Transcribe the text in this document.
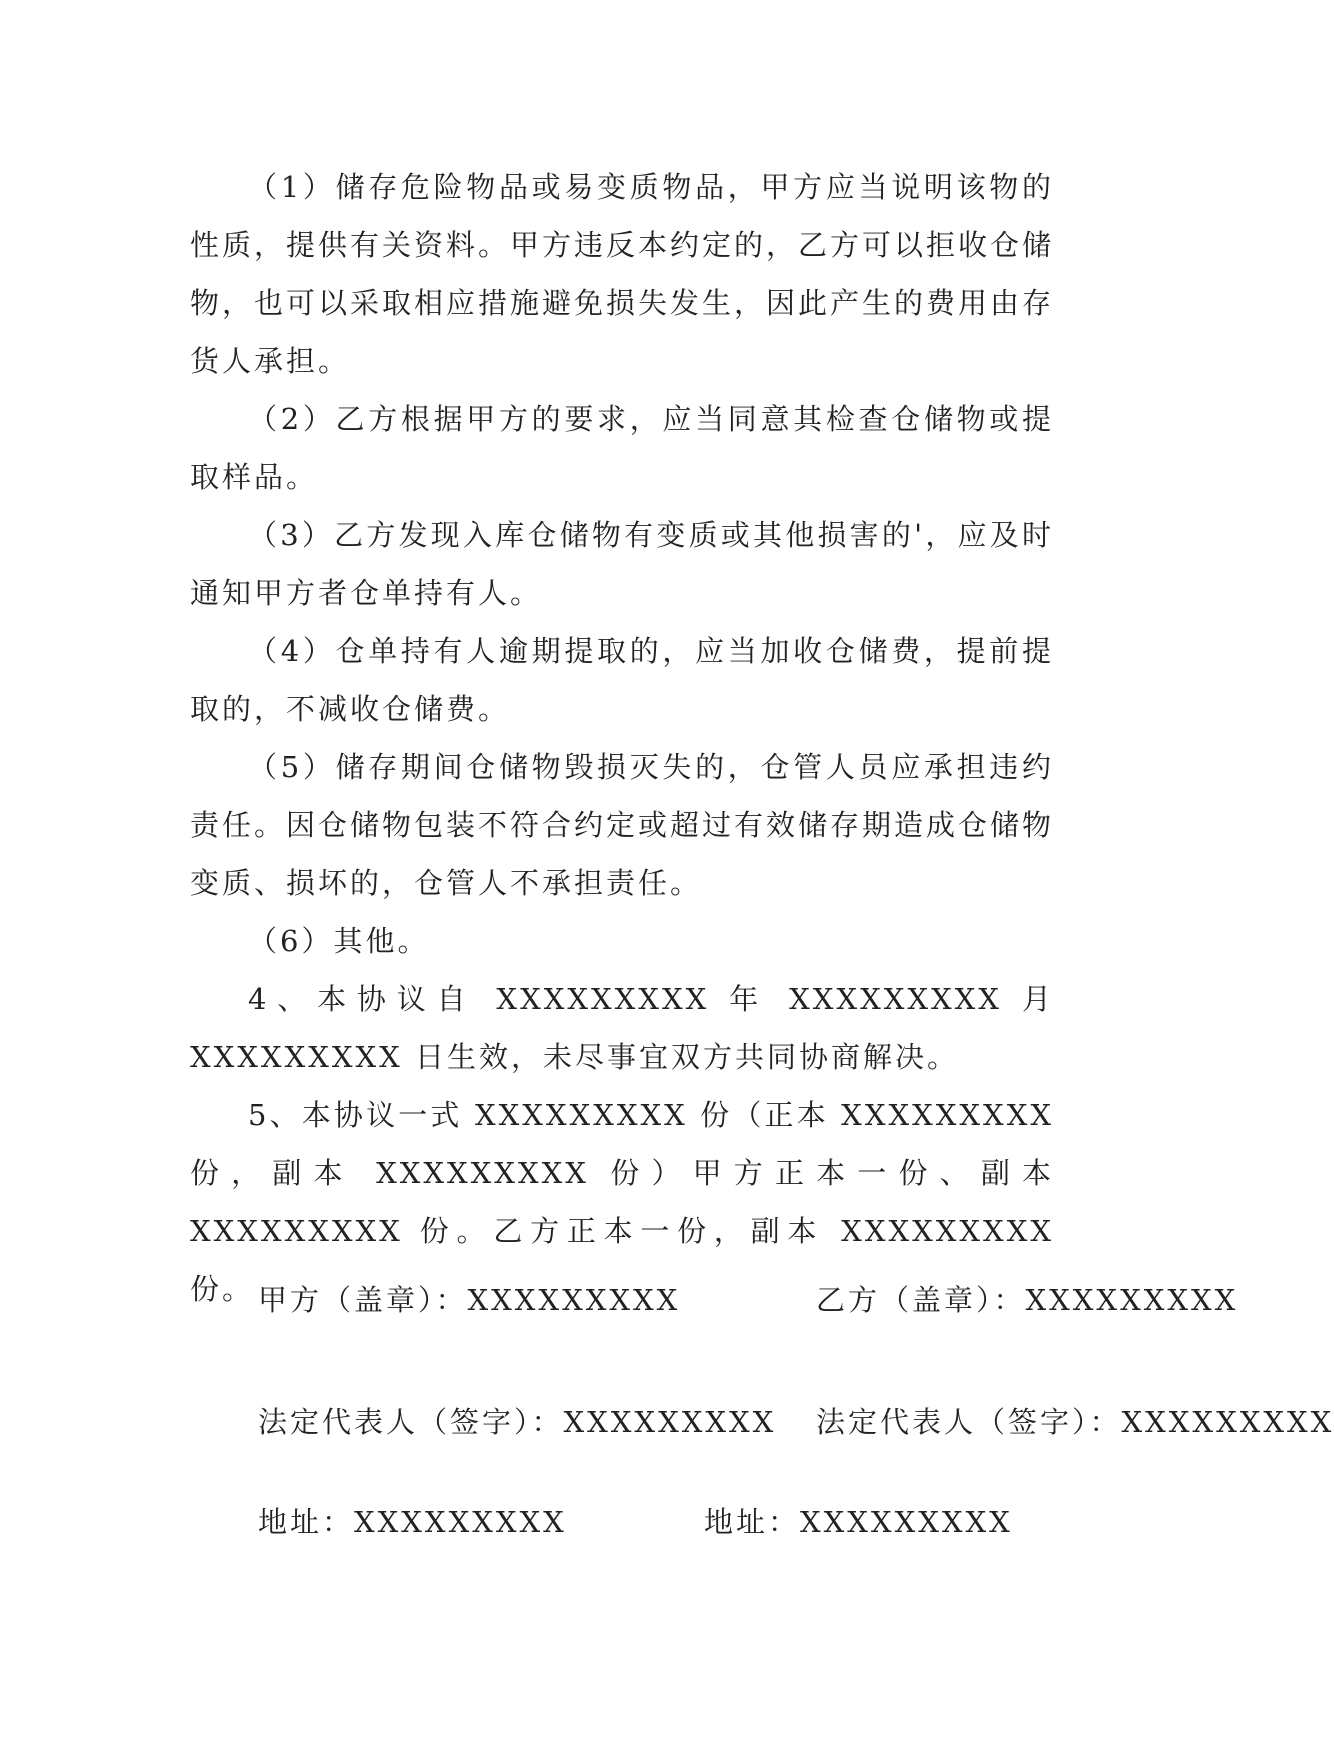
（1）储存危险物品或易变质物品，甲方应当说明该物的性质，提供有关资料。甲方违反本约定的，乙方可以拒收仓储物，也可以采取相应措施避免损失发生，因此产生的费用由存货人承担。

（2）乙方根据甲方的要求，应当同意其检查仓储物或提取样品。

（3）乙方发现入库仓储物有变质或其他损害的'，应及时通知甲方者仓单持有人。

（4）仓单持有人逾期提取的，应当加收仓储费，提前提取的，不减收仓储费。

（5）储存期间仓储物毁损灭失的，仓管人员应承担违约责任。因仓储物包装不符合约定或超过有效储存期造成仓储物变质、损坏的，仓管人不承担责任。

（6）其他。

4、本协议自 XXXXXXXXX 年 XXXXXXXXX 月 XXXXXXXXX 日生效，未尽事宜双方共同协商解决。

5、本协议一式 XXXXXXXXX 份（正本 XXXXXXXXX 份，副本 XXXXXXXXX 份）甲方正本一份、副本 XXXXXXXXX 份。乙方正本一份，副本 XXXXXXXXX 份。 甲方（盖章）：XXXXXXXXX	乙方（盖章）：XXXXXXXXX
法定代表人（签字）：XXXXXXXXX 法定代表人（签字）：XXXXXXXXX
地址：XXXXXXXXX	地址：XXXXXXXXX
